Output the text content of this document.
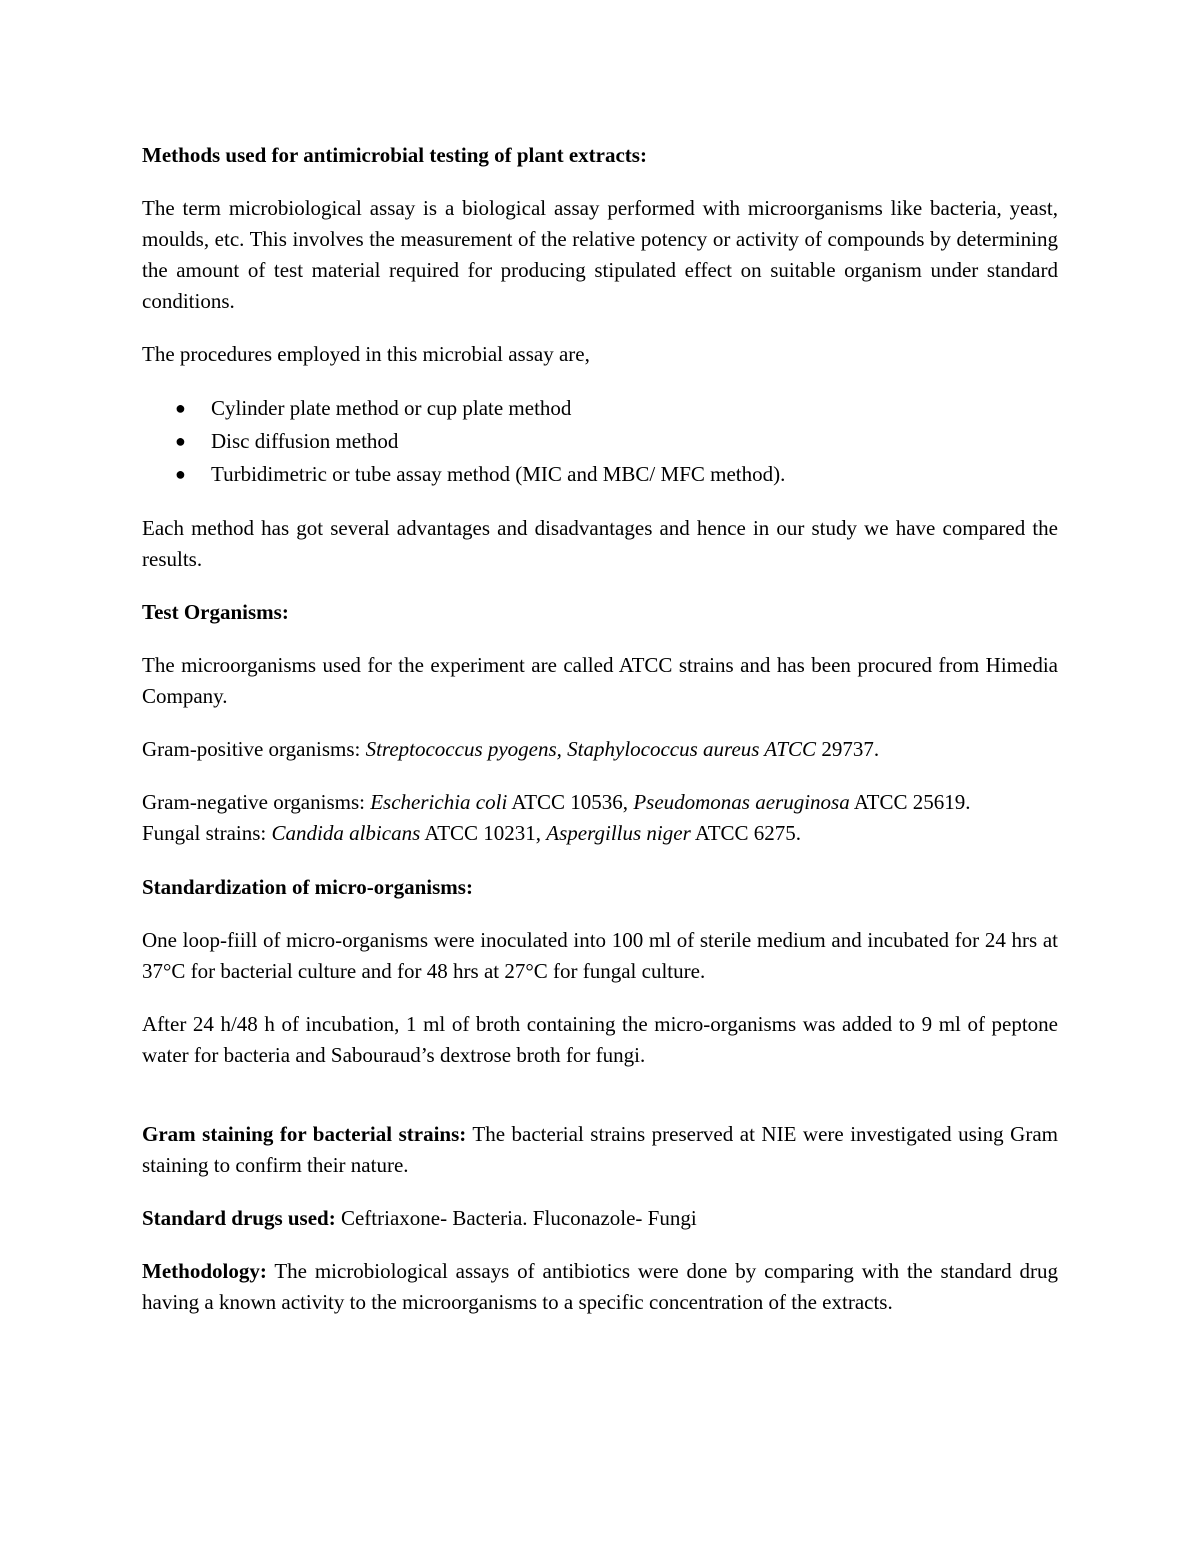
Methods used for antimicrobial testing of plant extracts:

The term microbiological assay is a biological assay performed with microorganisms like bacteria, yeast, moulds, etc. This involves the measurement of the relative potency or activity of compounds by determining the amount of test material required for producing stipulated effect on suitable organism under standard conditions.

The procedures employed in this microbial assay are,

● Cylinder plate method or cup plate method
● Disc diffusion method
● Turbidimetric or tube assay method (MIC and MBC/ MFC method).

Each method has got several advantages and disadvantages and hence in our study we have compared the results.

Test Organisms:

The microorganisms used for the experiment are called ATCC strains and has been procured from Himedia Company.

Gram-positive organisms: Streptococcus pyogens, Staphylococcus aureus ATCC 29737.

Gram-negative organisms: Escherichia coli ATCC 10536, Pseudomonas aeruginosa ATCC 25619.

Fungal strains: Candida albicans ATCC 10231, Aspergillus niger ATCC 6275.

Standardization of micro-organisms:

One loop-fiill of micro-organisms were inoculated into 100 ml of sterile medium and incubated for 24 hrs at 37°C for bacterial culture and for 48 hrs at 27°C for fungal culture.

After 24 h/48 h of incubation, 1 ml of broth containing the micro-organisms was added to 9 ml of peptone water for bacteria and Sabouraud’s dextrose broth for fungi.

Gram staining for bacterial strains: The bacterial strains preserved at NIE were investigated using Gram staining to confirm their nature.

Standard drugs used: Ceftriaxone- Bacteria. Fluconazole- Fungi

Methodology: The microbiological assays of antibiotics were done by comparing with the standard drug having a known activity to the microorganisms to a specific concentration of the extracts.
